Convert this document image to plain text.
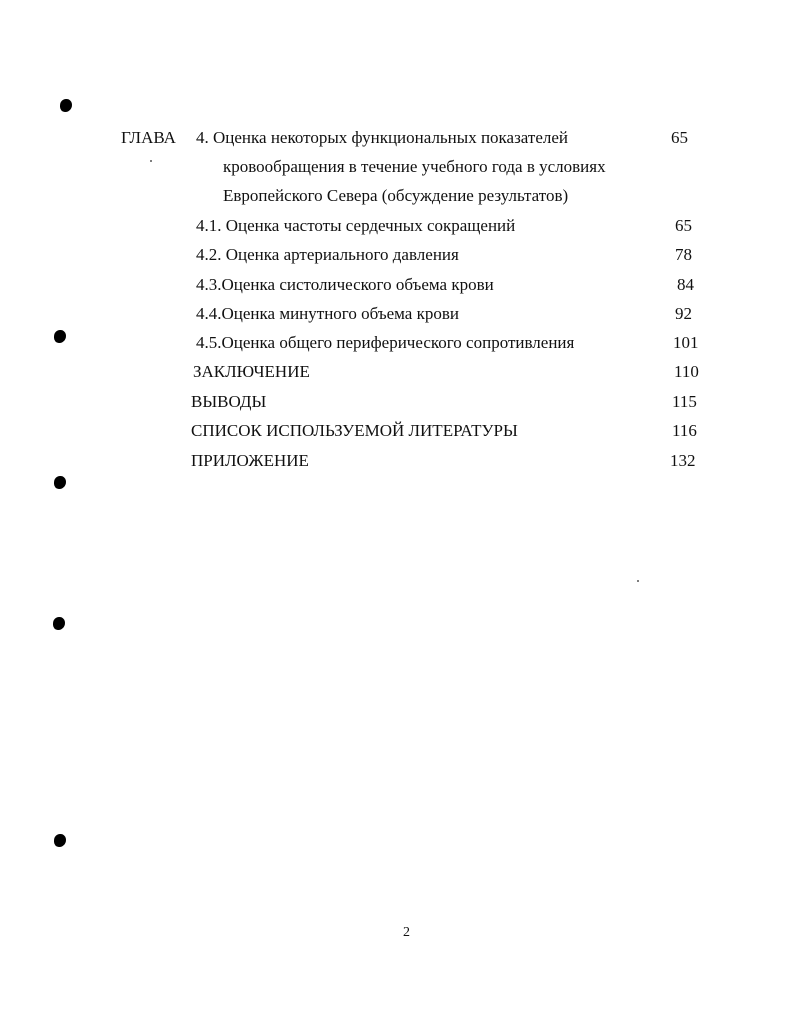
ГЛАВА 4. Оценка некоторых функциональных показателей	65
кровообращения в течение учебного года в условиях
Европейского Севера (обсуждение результатов)
4.1. Оценка частоты сердечных сокращений	65
4.2. Оценка артериального давления	78
4.3.Оценка систолического объема крови	84
4.4.Оценка минутного объема крови	92
4.5.Оценка общего периферического сопротивления	101
ЗАКЛЮЧЕНИЕ	110
ВЫВОДЫ	115
СПИСОК ИСПОЛЬЗУЕМОЙ ЛИТЕРАТУРЫ	116
ПРИЛОЖЕНИЕ	132
2
